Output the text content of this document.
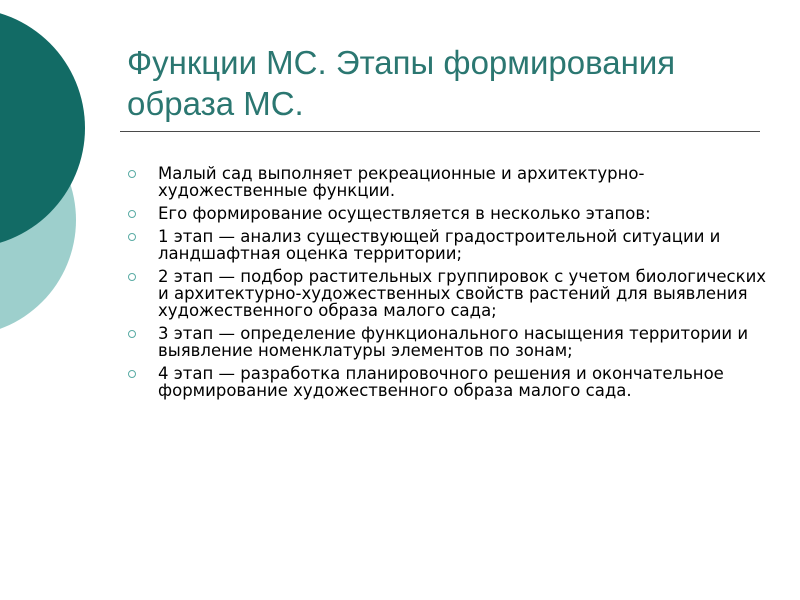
Функции МС. Этапы формирования образа МС.
Малый сад выполняет рекреационные и архитектурно-художественные функции.
Его формирование осуществляется в несколько этапов:
1 этап — анализ существующей градостроительной ситуации и ландшафтная оценка территории;
2 этап — подбор растительных группировок с учетом биологических и архитектурно-художественных свойств растений для выявления художественного образа малого сада;
3 этап — определение функционального насыщения территории и выявление номенклатуры элементов по зонам;
4 этап — разработка планировочного решения и окончательное формирование художественного образа малого сада.
